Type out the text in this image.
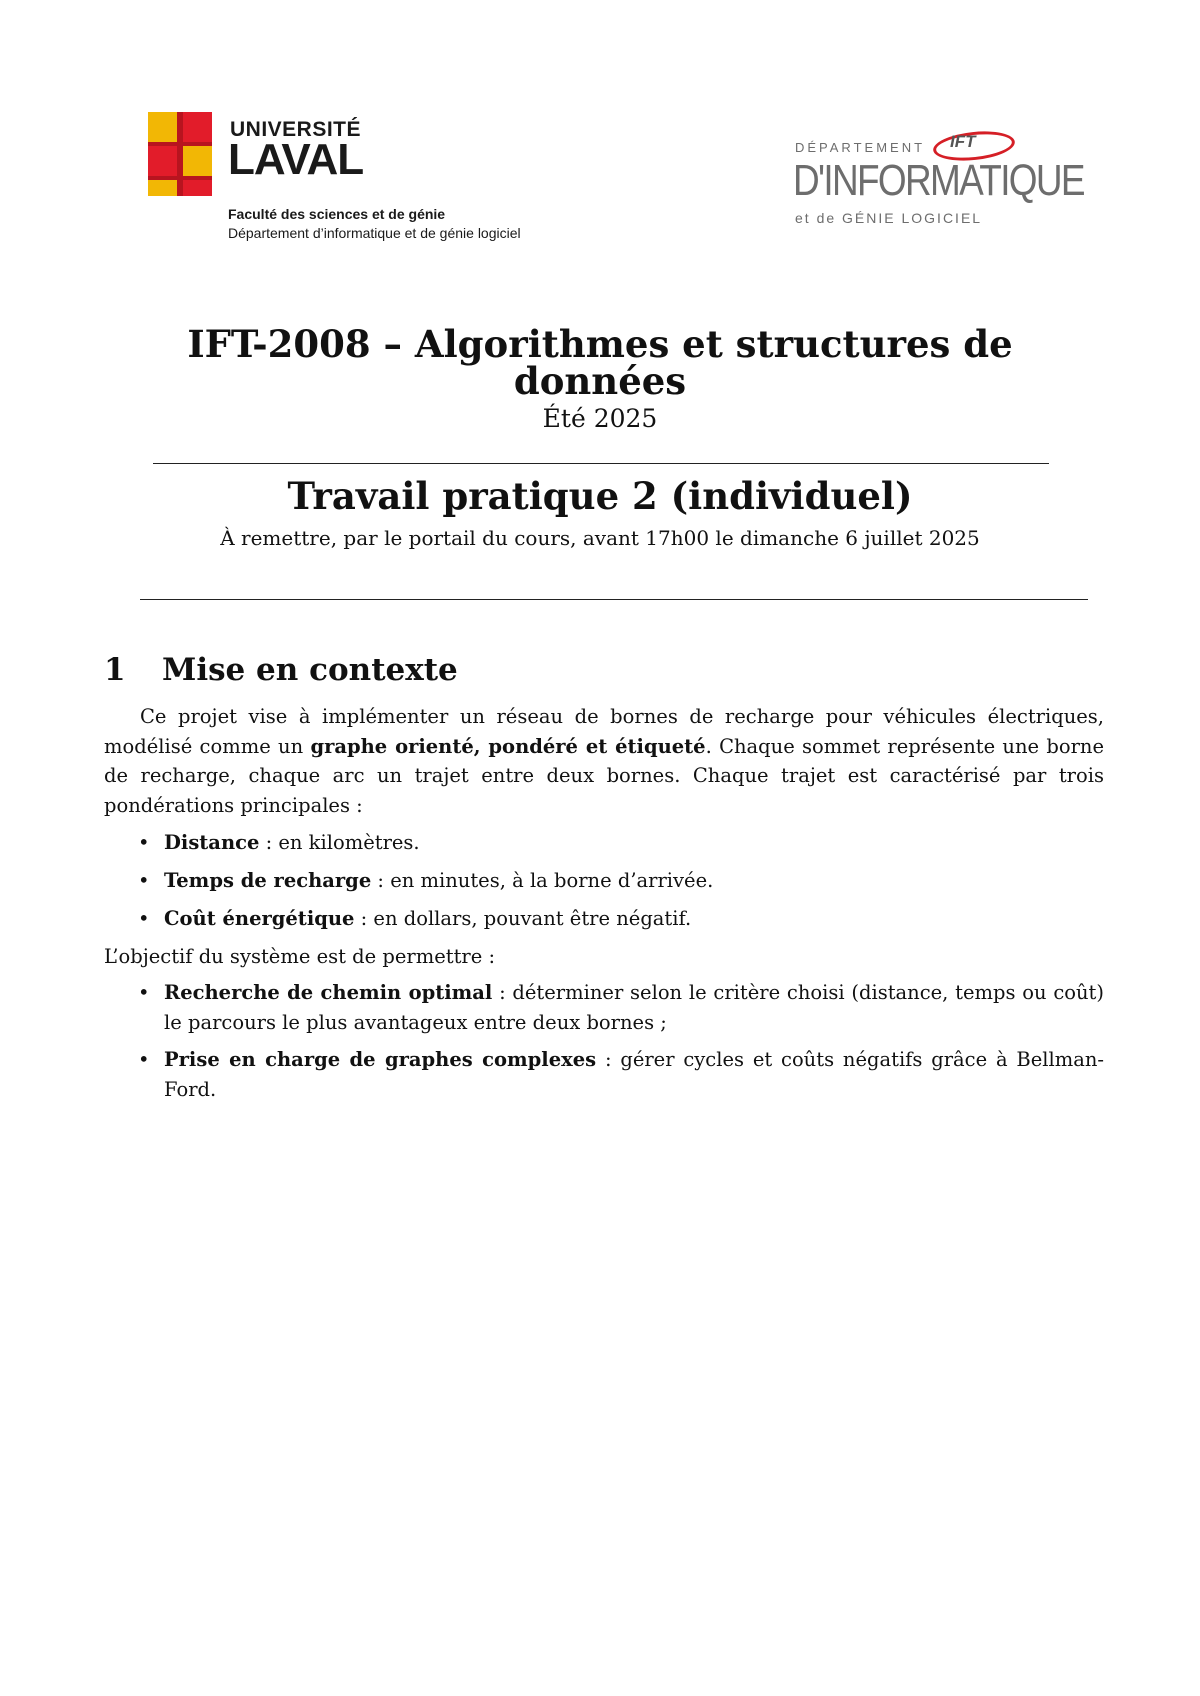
UNIVERSITÉ
LAVAL
Faculté des sciences et de génie
Département d’informatique et de génie logiciel
DÉPARTEMENT IFT
D'INFORMATIQUE
et de GÉNIE LOGICIEL
IFT-2008 – Algorithmes et structures de
données
Été 2025
Travail pratique 2 (individuel)
À remettre, par le portail du cours, avant 17h00 le dimanche 6 juillet 2025
1 Mise en contexte
Ce projet vise à implémenter un réseau de bornes de recharge pour véhicules électriques, modélisé comme un graphe orienté, pondéré et étiqueté. Chaque sommet représente une borne de recharge, chaque arc un trajet entre deux bornes. Chaque trajet est caractérisé par trois pondérations principales :
• Distance : en kilomètres.
• Temps de recharge : en minutes, à la borne d’arrivée.
• Coût énergétique : en dollars, pouvant être négatif.
L’objectif du système est de permettre :
• Recherche de chemin optimal : déterminer selon le critère choisi (distance, temps ou coût) le parcours le plus avantageux entre deux bornes ;
• Prise en charge de graphes complexes : gérer cycles et coûts négatifs grâce à Bellman-Ford.
